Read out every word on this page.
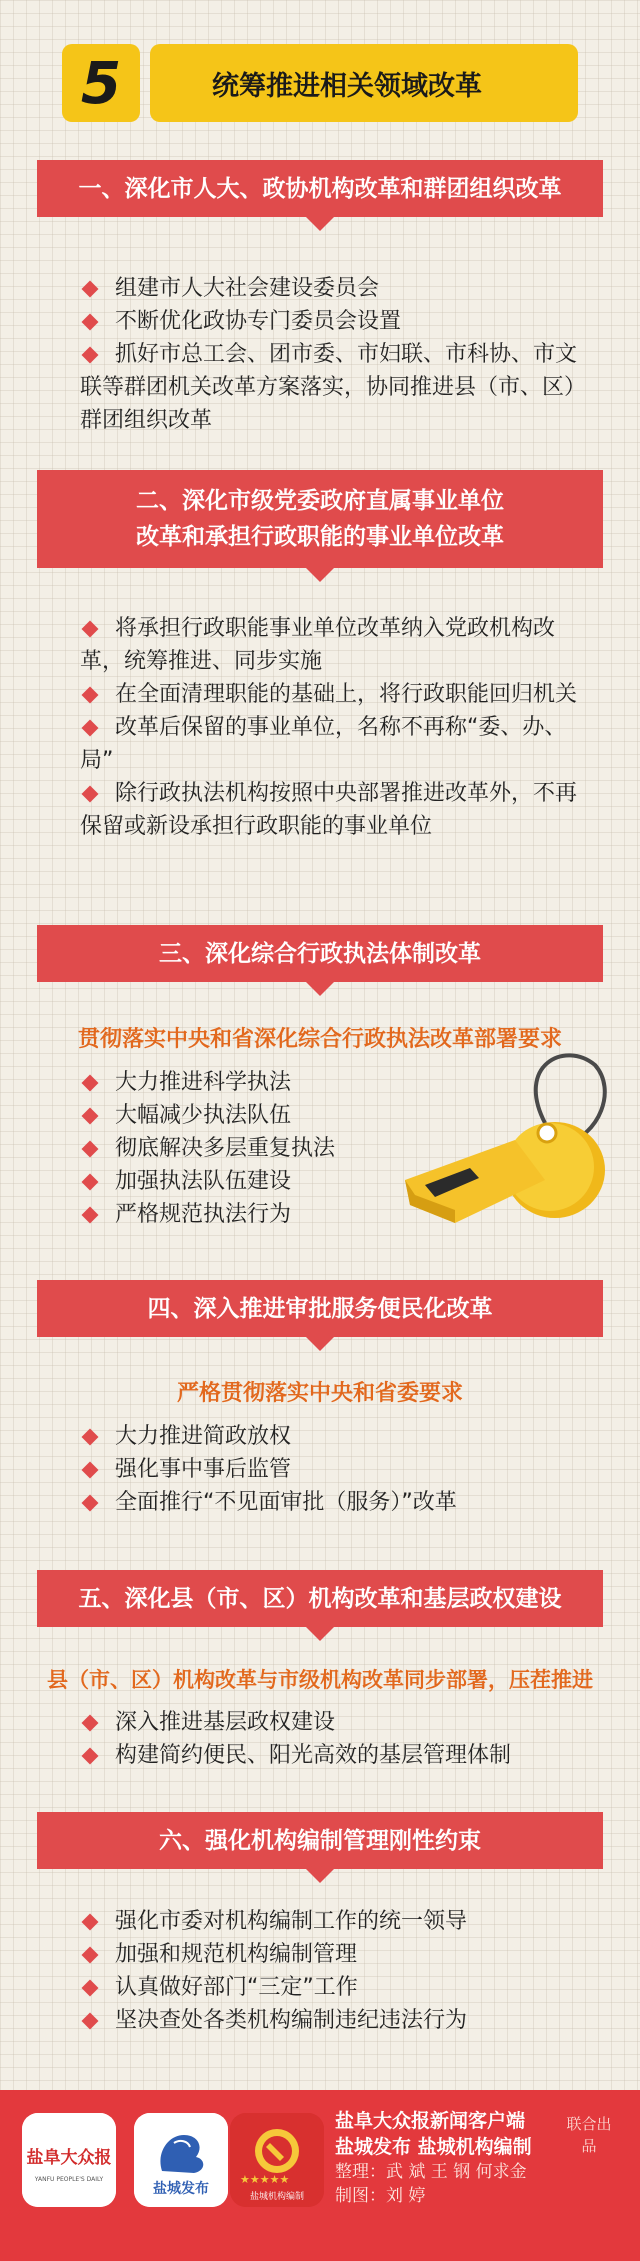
5	统筹推进相关领域改革
一、深化市人大、政协机构改革和群团组织改革
组建市人大社会建设委员会
不断优化政协专门委员会设置
抓好市总工会、团市委、市妇联、市科协、市文联等群团机关改革方案落实，协同推进县（市、区）群团组织改革
二、深化市级党委政府直属事业单位
改革和承担行政职能的事业单位改革
将承担行政职能事业单位改革纳入党政机构改革，统筹推进、同步实施
在全面清理职能的基础上，将行政职能回归机关
改革后保留的事业单位，名称不再称“委、办、局”
除行政执法机构按照中央部署推进改革外，不再保留或新设承担行政职能的事业单位
三、深化综合行政执法体制改革
贯彻落实中央和省深化综合行政执法改革部署要求
大力推进科学执法
大幅减少执法队伍
彻底解决多层重复执法
加强执法队伍建设
严格规范执法行为
四、深入推进审批服务便民化改革
严格贯彻落实中央和省委要求
大力推进简政放权
强化事中事后监管
全面推行“不见面审批（服务）”改革
五、深化县（市、区）机构改革和基层政权建设
县（市、区）机构改革与市级机构改革同步部署，压茬推进
深入推进基层政权建设
构建简约便民、阳光高效的基层管理体制
六、强化机构编制管理刚性约束
强化市委对机构编制工作的统一领导
加强和规范机构编制管理
认真做好部门“三定”工作
坚决查处各类机构编制违纪违法行为
盐阜大众报
YANFU PEOPLE'S DAILY
盐城发布
★★★★★
盐城机构编制
盐阜大众报新闻客户端
盐城发布 盐城机构编制
整理：武 斌 王 钢 何求金
制图：刘 婷
联合出品
